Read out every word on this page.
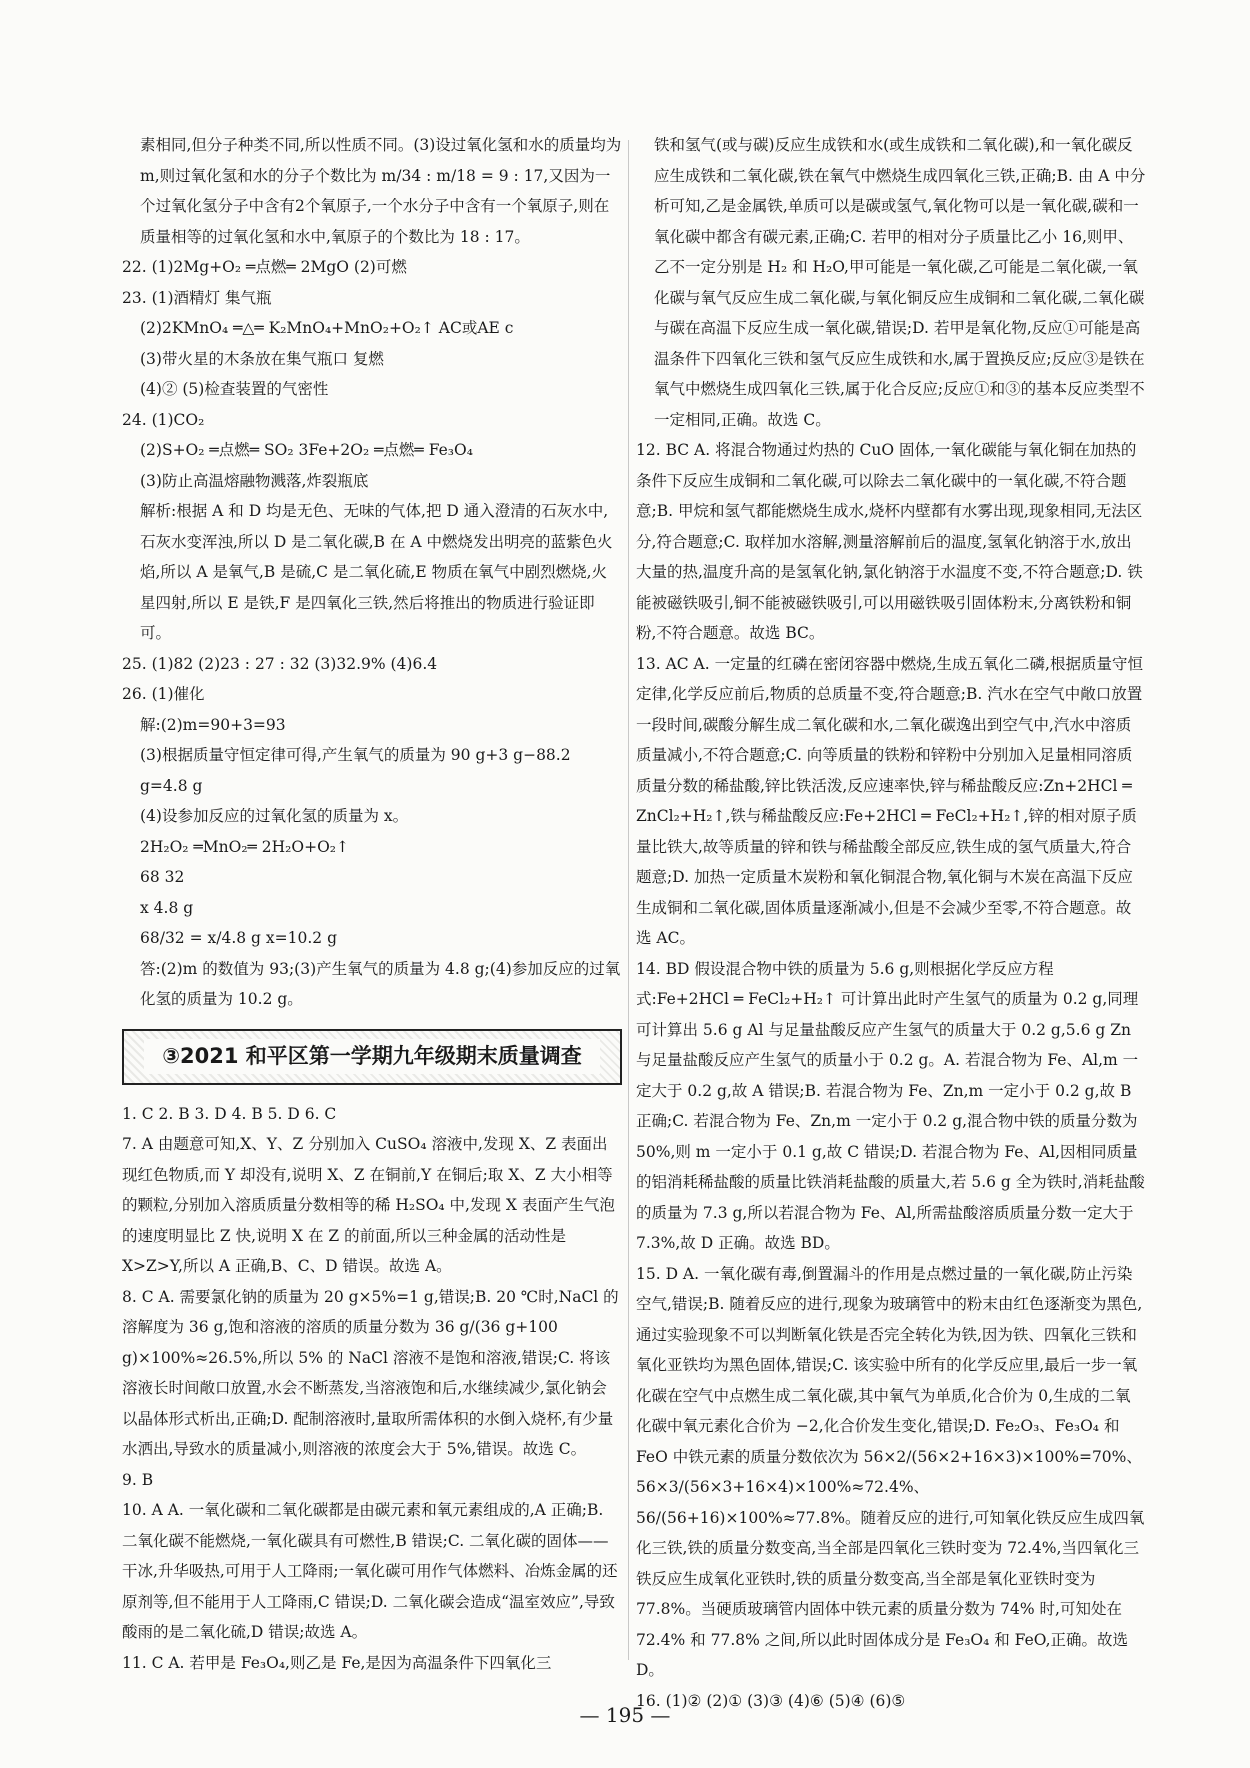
素相同,但分子种类不同,所以性质不同。(3)设过氧化氢和水的质量均为 m,则过氧化氢和水的分子个数比为 m/34 : m/18 = 9 : 17,又因为一个过氧化氢分子中含有2个氧原子,一个水分子中含有一个氧原子,则在质量相等的过氧化氢和水中,氧原子的个数比为 18 : 17。
22. (1)2Mg+O₂ ═点燃═ 2MgO (2)可燃
23. (1)酒精灯 集气瓶
(2)2KMnO₄ ═△═ K₂MnO₄+MnO₂+O₂↑ AC或AE c
(3)带火星的木条放在集气瓶口 复燃
(4)② (5)检查装置的气密性
24. (1)CO₂
(2)S+O₂ ═点燃═ SO₂ 3Fe+2O₂ ═点燃═ Fe₃O₄
(3)防止高温熔融物溅落,炸裂瓶底
解析:根据 A 和 D 均是无色、无味的气体,把 D 通入澄清的石灰水中,石灰水变浑浊,所以 D 是二氧化碳,B 在 A 中燃烧发出明亮的蓝紫色火焰,所以 A 是氧气,B 是硫,C 是二氧化硫,E 物质在氧气中剧烈燃烧,火星四射,所以 E 是铁,F 是四氧化三铁,然后将推出的物质进行验证即可。
25. (1)82 (2)23 : 27 : 32 (3)32.9% (4)6.4
26. (1)催化
解:(2)m=90+3=93
(3)根据质量守恒定律可得,产生氧气的质量为 90 g+3 g−88.2 g=4.8 g
(4)设参加反应的过氧化氢的质量为 x。
2H₂O₂ ═MnO₂═ 2H₂O+O₂↑
68 32
x 4.8 g
68/32 = x/4.8 g x=10.2 g
答:(2)m 的数值为 93;(3)产生氧气的质量为 4.8 g;(4)参加反应的过氧化氢的质量为 10.2 g。
③2021 和平区第一学期九年级期末质量调查
1. C 2. B 3. D 4. B 5. D 6. C
7. A 由题意可知,X、Y、Z 分别加入 CuSO₄ 溶液中,发现 X、Z 表面出现红色物质,而 Y 却没有,说明 X、Z 在铜前,Y 在铜后;取 X、Z 大小相等的颗粒,分别加入溶质质量分数相等的稀 H₂SO₄ 中,发现 X 表面产生气泡的速度明显比 Z 快,说明 X 在 Z 的前面,所以三种金属的活动性是 X>Z>Y,所以 A 正确,B、C、D 错误。故选 A。
8. C A. 需要氯化钠的质量为 20 g×5%=1 g,错误;B. 20 ℃时,NaCl 的溶解度为 36 g,饱和溶液的溶质的质量分数为 36 g/(36 g+100 g)×100%≈26.5%,所以 5% 的 NaCl 溶液不是饱和溶液,错误;C. 将该溶液长时间敞口放置,水会不断蒸发,当溶液饱和后,水继续减少,氯化钠会以晶体形式析出,正确;D. 配制溶液时,量取所需体积的水倒入烧杯,有少量水洒出,导致水的质量减小,则溶液的浓度会大于 5%,错误。故选 C。
9. B
10. A A. 一氧化碳和二氧化碳都是由碳元素和氧元素组成的,A 正确;B. 二氧化碳不能燃烧,一氧化碳具有可燃性,B 错误;C. 二氧化碳的固体——干冰,升华吸热,可用于人工降雨;一氧化碳可用作气体燃料、冶炼金属的还原剂等,但不能用于人工降雨,C 错误;D. 二氧化碳会造成“温室效应”,导致酸雨的是二氧化硫,D 错误;故选 A。
11. C A. 若甲是 Fe₃O₄,则乙是 Fe,是因为高温条件下四氧化三
铁和氢气(或与碳)反应生成铁和水(或生成铁和二氧化碳),和一氧化碳反应生成铁和二氧化碳,铁在氧气中燃烧生成四氧化三铁,正确;B. 由 A 中分析可知,乙是金属铁,单质可以是碳或氢气,氧化物可以是一氧化碳,碳和一氧化碳中都含有碳元素,正确;C. 若甲的相对分子质量比乙小 16,则甲、乙不一定分别是 H₂ 和 H₂O,甲可能是一氧化碳,乙可能是二氧化碳,一氧化碳与氧气反应生成二氧化碳,与氧化铜反应生成铜和二氧化碳,二氧化碳与碳在高温下反应生成一氧化碳,错误;D. 若甲是氧化物,反应①可能是高温条件下四氧化三铁和氢气反应生成铁和水,属于置换反应;反应③是铁在氧气中燃烧生成四氧化三铁,属于化合反应;反应①和③的基本反应类型不一定相同,正确。故选 C。
12. BC A. 将混合物通过灼热的 CuO 固体,一氧化碳能与氧化铜在加热的条件下反应生成铜和二氧化碳,可以除去二氧化碳中的一氧化碳,不符合题意;B. 甲烷和氢气都能燃烧生成水,烧杯内壁都有水雾出现,现象相同,无法区分,符合题意;C. 取样加水溶解,测量溶解前后的温度,氢氧化钠溶于水,放出大量的热,温度升高的是氢氧化钠,氯化钠溶于水温度不变,不符合题意;D. 铁能被磁铁吸引,铜不能被磁铁吸引,可以用磁铁吸引固体粉末,分离铁粉和铜粉,不符合题意。故选 BC。
13. AC A. 一定量的红磷在密闭容器中燃烧,生成五氧化二磷,根据质量守恒定律,化学反应前后,物质的总质量不变,符合题意;B. 汽水在空气中敞口放置一段时间,碳酸分解生成二氧化碳和水,二氧化碳逸出到空气中,汽水中溶质质量减小,不符合题意;C. 向等质量的铁粉和锌粉中分别加入足量相同溶质质量分数的稀盐酸,锌比铁活泼,反应速率快,锌与稀盐酸反应:Zn+2HCl ═ ZnCl₂+H₂↑,铁与稀盐酸反应:Fe+2HCl ═ FeCl₂+H₂↑,锌的相对原子质量比铁大,故等质量的锌和铁与稀盐酸全部反应,铁生成的氢气质量大,符合题意;D. 加热一定质量木炭粉和氧化铜混合物,氧化铜与木炭在高温下反应生成铜和二氧化碳,固体质量逐渐减小,但是不会减少至零,不符合题意。故选 AC。
14. BD 假设混合物中铁的质量为 5.6 g,则根据化学反应方程式:Fe+2HCl ═ FeCl₂+H₂↑ 可计算出此时产生氢气的质量为 0.2 g,同理可计算出 5.6 g Al 与足量盐酸反应产生氢气的质量大于 0.2 g,5.6 g Zn 与足量盐酸反应产生氢气的质量小于 0.2 g。A. 若混合物为 Fe、Al,m 一定大于 0.2 g,故 A 错误;B. 若混合物为 Fe、Zn,m 一定小于 0.2 g,故 B 正确;C. 若混合物为 Fe、Zn,m 一定小于 0.2 g,混合物中铁的质量分数为 50%,则 m 一定小于 0.1 g,故 C 错误;D. 若混合物为 Fe、Al,因相同质量的铝消耗稀盐酸的质量比铁消耗盐酸的质量大,若 5.6 g 全为铁时,消耗盐酸的质量为 7.3 g,所以若混合物为 Fe、Al,所需盐酸溶质质量分数一定大于 7.3%,故 D 正确。故选 BD。
15. D A. 一氧化碳有毒,倒置漏斗的作用是点燃过量的一氧化碳,防止污染空气,错误;B. 随着反应的进行,现象为玻璃管中的粉末由红色逐渐变为黑色,通过实验现象不可以判断氧化铁是否完全转化为铁,因为铁、四氧化三铁和氧化亚铁均为黑色固体,错误;C. 该实验中所有的化学反应里,最后一步一氧化碳在空气中点燃生成二氧化碳,其中氧气为单质,化合价为 0,生成的二氧化碳中氧元素化合价为 −2,化合价发生变化,错误;D. Fe₂O₃、Fe₃O₄ 和 FeO 中铁元素的质量分数依次为 56×2/(56×2+16×3)×100%=70%、56×3/(56×3+16×4)×100%≈72.4%、56/(56+16)×100%≈77.8%。随着反应的进行,可知氧化铁反应生成四氧化三铁,铁的质量分数变高,当全部是四氧化三铁时变为 72.4%,当四氧化三铁反应生成氧化亚铁时,铁的质量分数变高,当全部是氧化亚铁时变为 77.8%。当硬质玻璃管内固体中铁元素的质量分数为 74% 时,可知处在 72.4% 和 77.8% 之间,所以此时固体成分是 Fe₃O₄ 和 FeO,正确。故选 D。
16. (1)② (2)① (3)③ (4)⑥ (5)④ (6)⑤
— 195 —
